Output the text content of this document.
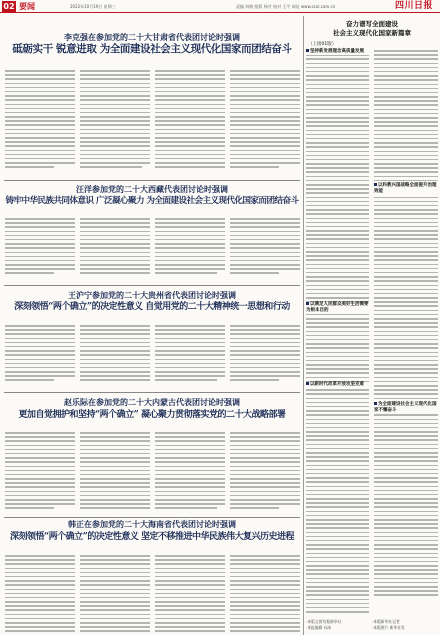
02 要闻	2022年10月19日 星期三	责编 何晓 组版 杨竹 校对 王平 网址 www.scol.com.cn	四川日报
李克强在参加党的二十大甘肃省代表团讨论时强调
砥砺实干 锐意进取 为全面建设社会主义现代化国家而团结奋斗
汪洋参加党的二十大西藏代表团讨论时强调
铸牢中华民族共同体意识 广泛凝心聚力 为全面建设社会主义现代化国家而团结奋斗
王沪宁参加党的二十大贵州省代表团讨论时强调
深刻领悟“两个确立”的决定性意义 自觉用党的二十大精神统一思想和行动
赵乐际在参加党的二十大内蒙古代表团讨论时强调
更加自觉拥护和坚持“两个确立” 凝心聚力贯彻落实党的二十大战略部署
韩正在参加党的二十大海南省代表团讨论时强调
深刻领悟“两个确立”的决定性意义 坚定不移推进中华民族伟大复兴历史进程
奋力谱写全面建设
社会主义现代化国家新篇章
（上接01版）
坚持新发展理念高质量发展
以满足人民群众美好生活需要为根本目的
以新时代改革开放攻坚克难
以科教兴国战略全面提升治理效能
为全面建设社会主义现代化国家不懈奋斗
·本版文图均据新华社	·本版新华社记者
·本报编辑 孙冰	·本版照片 新华社发
